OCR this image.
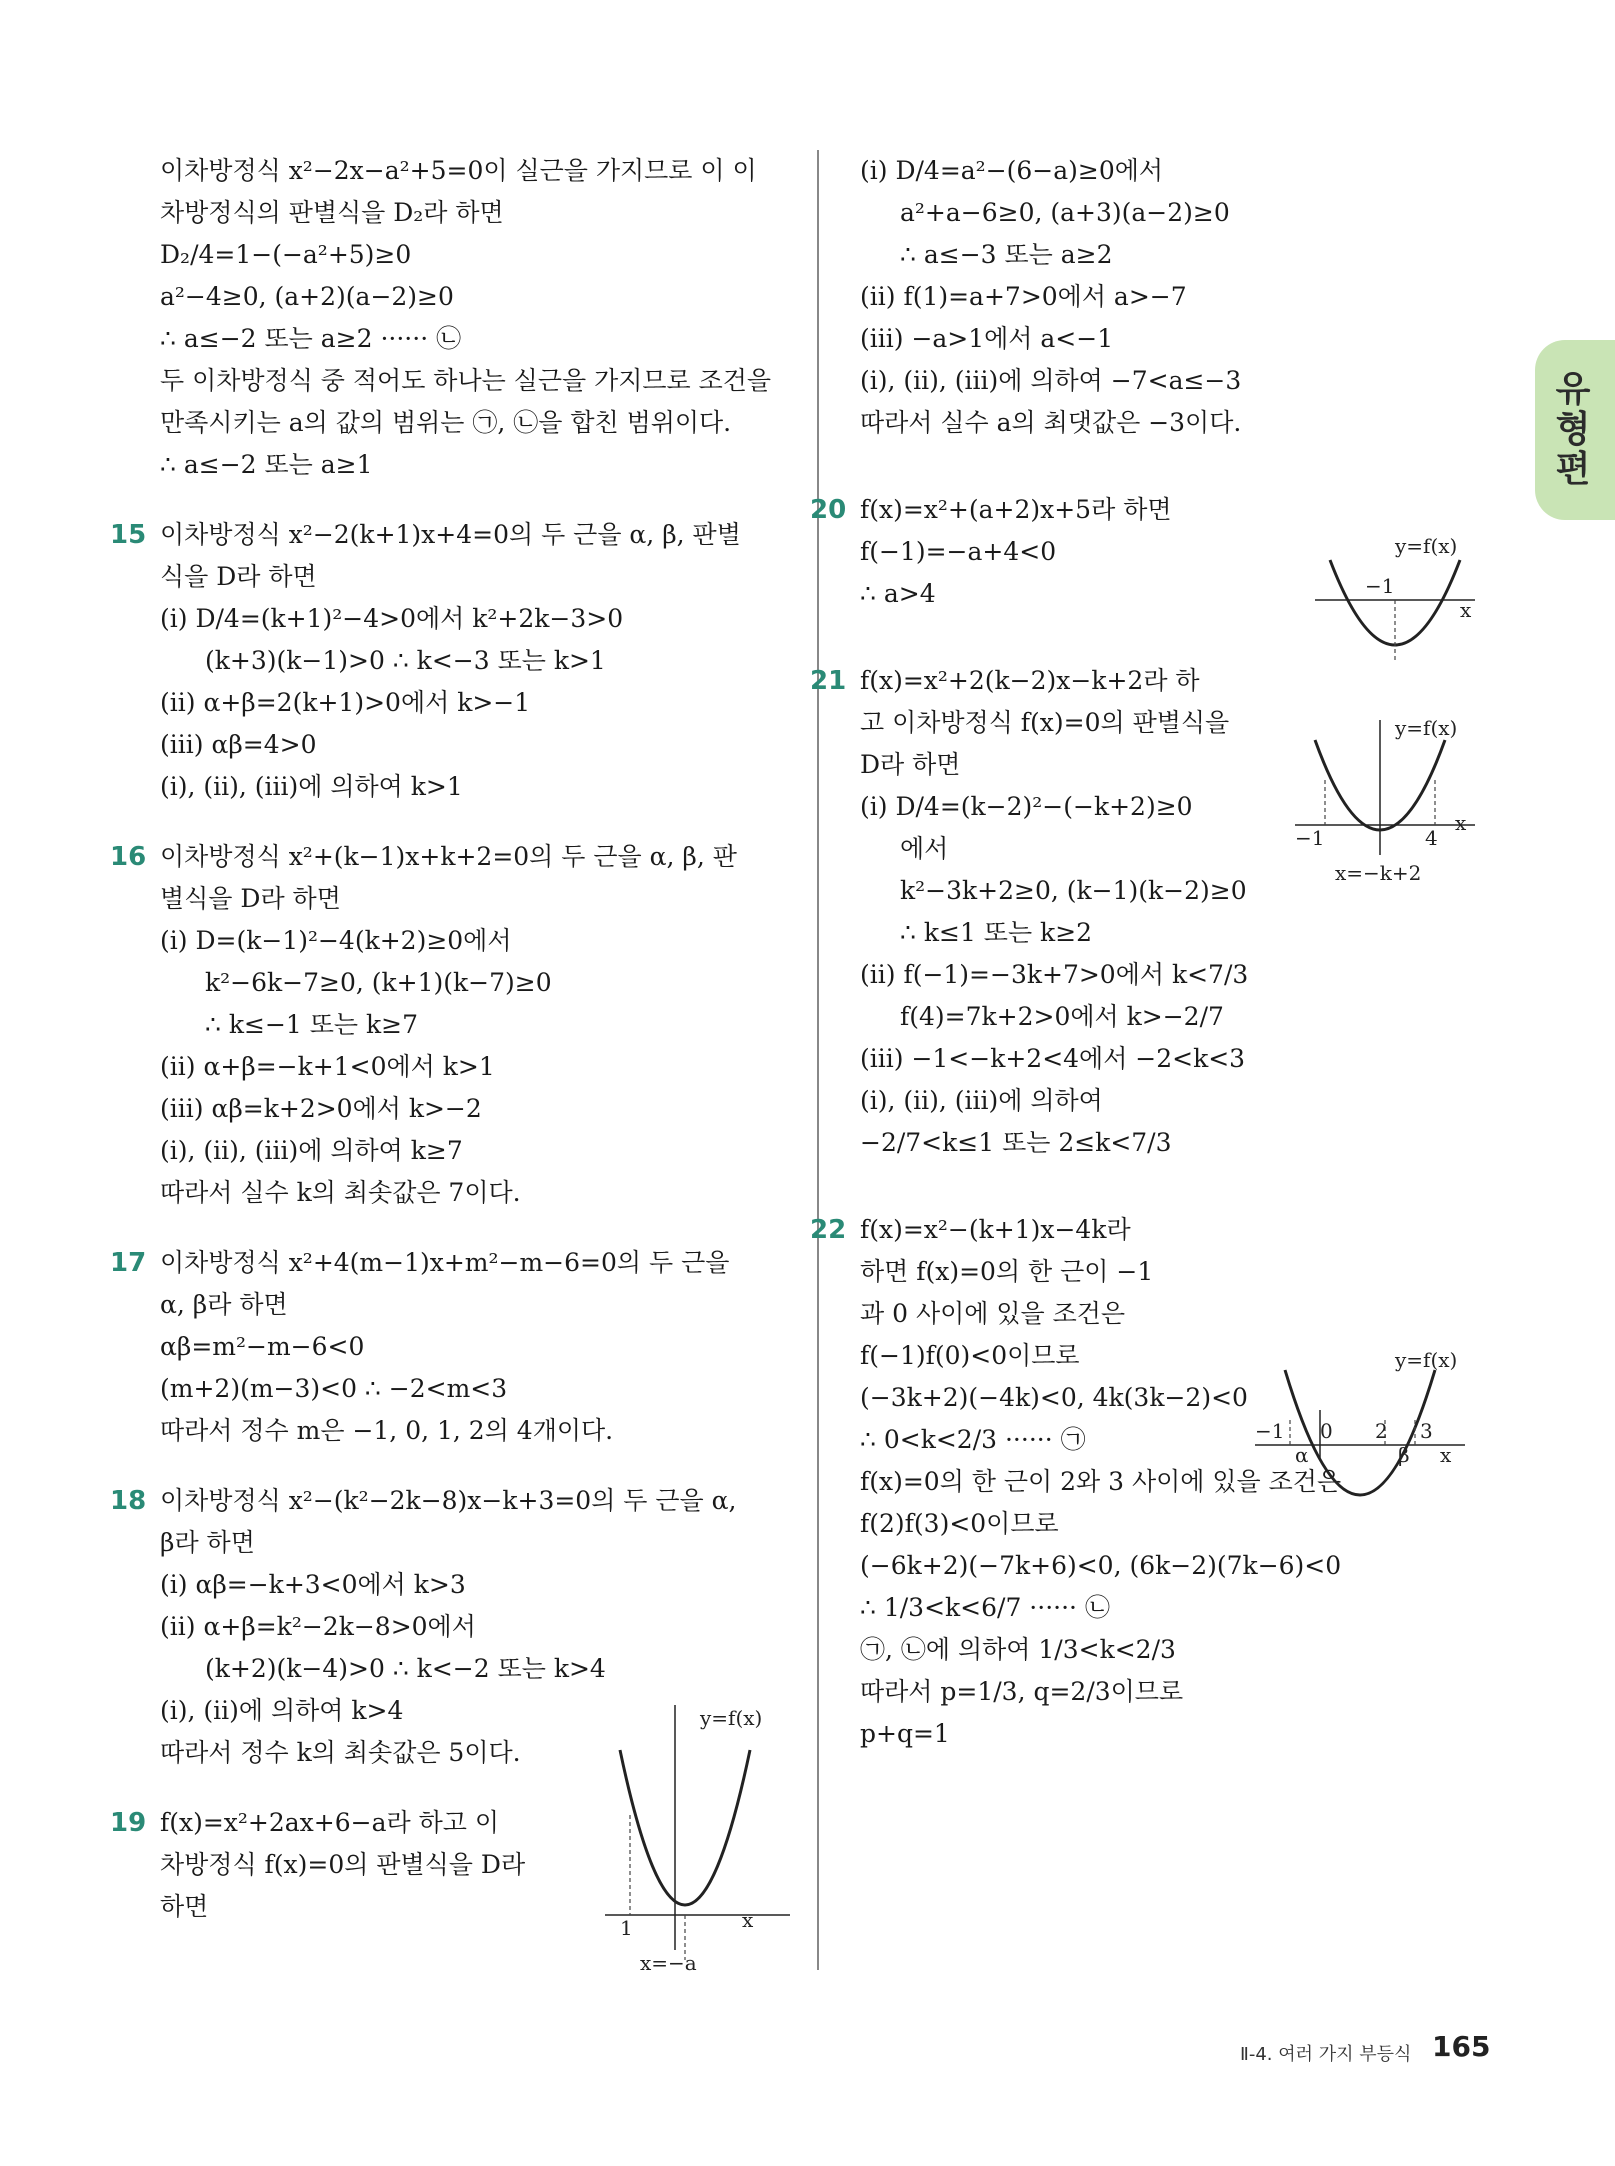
이차방정식 x²−2x−a²+5=0이 실근을 가지므로 이 이
차방정식의 판별식을 D₂라 하면
D₂/4=1−(−a²+5)≥0
a²−4≥0, (a+2)(a−2)≥0
∴ a≤−2 또는 a≥2 ······ ㉡
두 이차방정식 중 적어도 하나는 실근을 가지므로 조건을
만족시키는 a의 값의 범위는 ㉠, ㉡을 합친 범위이다.
∴ a≤−2 또는 a≥1
15 이차방정식 x²−2(k+1)x+4=0의 두 근을 α, β, 판별
식을 D라 하면
(ⅰ) D/4=(k+1)²−4>0에서 k²+2k−3>0
(k+3)(k−1)>0 ∴ k<−3 또는 k>1
(ⅱ) α+β=2(k+1)>0에서 k>−1
(ⅲ) αβ=4>0
(ⅰ), (ⅱ), (ⅲ)에 의하여 k>1
16 이차방정식 x²+(k−1)x+k+2=0의 두 근을 α, β, 판
별식을 D라 하면
(ⅰ) D=(k−1)²−4(k+2)≥0에서
k²−6k−7≥0, (k+1)(k−7)≥0
∴ k≤−1 또는 k≥7
(ⅱ) α+β=−k+1<0에서 k>1
(ⅲ) αβ=k+2>0에서 k>−2
(ⅰ), (ⅱ), (ⅲ)에 의하여 k≥7
따라서 실수 k의 최솟값은 7이다.
17 이차방정식 x²+4(m−1)x+m²−m−6=0의 두 근을
α, β라 하면
αβ=m²−m−6<0
(m+2)(m−3)<0 ∴ −2<m<3
따라서 정수 m은 −1, 0, 1, 2의 4개이다.
18 이차방정식 x²−(k²−2k−8)x−k+3=0의 두 근을 α,
β라 하면
(ⅰ) αβ=−k+3<0에서 k>3
(ⅱ) α+β=k²−2k−8>0에서
(k+2)(k−4)>0 ∴ k<−2 또는 k>4
(ⅰ), (ⅱ)에 의하여 k>4
따라서 정수 k의 최솟값은 5이다.
19 f(x)=x²+2ax+6−a라 하고 이
차방정식 f(x)=0의 판별식을 D라
하면
y=f(x)
x
1
x=−a
(ⅰ) D/4=a²−(6−a)≥0에서
a²+a−6≥0, (a+3)(a−2)≥0
∴ a≤−3 또는 a≥2
(ⅱ) f(1)=a+7>0에서 a>−7
(ⅲ) −a>1에서 a<−1
(ⅰ), (ⅱ), (ⅲ)에 의하여 −7<a≤−3
따라서 실수 a의 최댓값은 −3이다.
20 f(x)=x²+(a+2)x+5라 하면
f(−1)=−a+4<0
∴ a>4
21 f(x)=x²+2(k−2)x−k+2라 하
고 이차방정식 f(x)=0의 판별식을
D라 하면
(ⅰ) D/4=(k−2)²−(−k+2)≥0
에서
k²−3k+2≥0, (k−1)(k−2)≥0
∴ k≤1 또는 k≥2
(ⅱ) f(−1)=−3k+7>0에서 k<7/3
f(4)=7k+2>0에서 k>−2/7
(ⅲ) −1<−k+2<4에서 −2<k<3
(ⅰ), (ⅱ), (ⅲ)에 의하여
−2/7<k≤1 또는 2≤k<7/3
22 f(x)=x²−(k+1)x−4k라
하면 f(x)=0의 한 근이 −1
과 0 사이에 있을 조건은
f(−1)f(0)<0이므로
(−3k+2)(−4k)<0, 4k(3k−2)<0
∴ 0<k<2/3 ······ ㉠
f(x)=0의 한 근이 2와 3 사이에 있을 조건은
f(2)f(3)<0이므로
(−6k+2)(−7k+6)<0, (6k−2)(7k−6)<0
∴ 1/3<k<6/7 ······ ㉡
㉠, ㉡에 의하여 1/3<k<2/3
따라서 p=1/3, q=2/3이므로
p+q=1
y=f(x)
x
−1
y=f(x)
x
−1	4
x=−k+2
y=f(x)
x
−1 0 2 3
α	β
유형편
Ⅱ-4. 여러 가지 부등식 165
